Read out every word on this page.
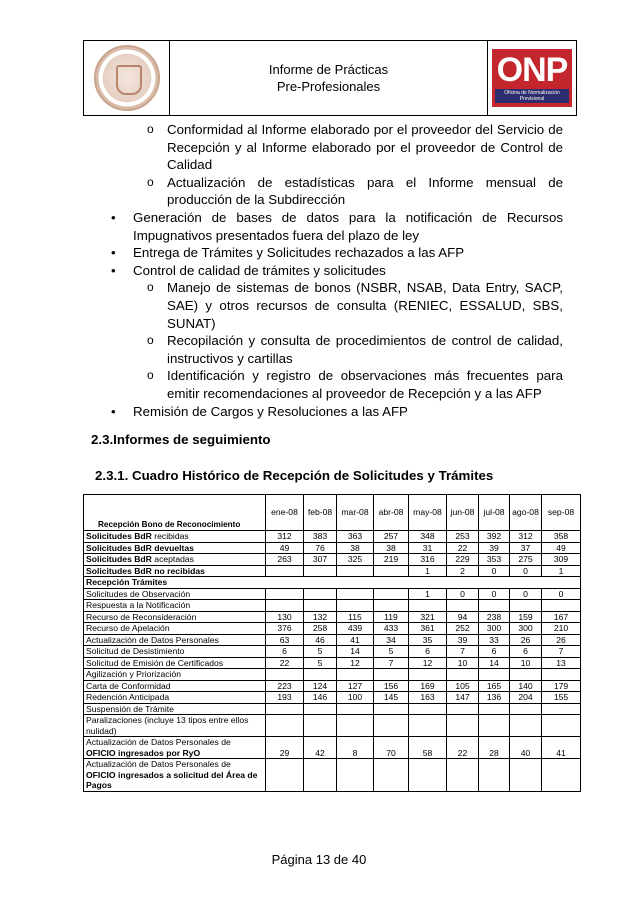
Informe de Prácticas
Pre-Profesionales	ONP
Oficina de Normalización Previsional
o Conformidad al Informe elaborado por el proveedor del Servicio de Recepción y al Informe elaborado por el proveedor de Control de Calidad
o Actualización de estadísticas para el Informe mensual de producción de la Subdirección
• Generación de bases de datos para la notificación de Recursos Impugnativos presentados fuera del plazo de ley
• Entrega de Trámites y Solicitudes rechazados a las AFP
• Control de calidad de trámites y solicitudes
o Manejo de sistemas de bonos (NSBR, NSAB, Data Entry, SACP, SAE) y otros recursos de consulta (RENIEC, ESSALUD, SBS, SUNAT)
o Recopilación y consulta de procedimientos de control de calidad, instructivos y cartillas
o Identificación y registro de observaciones más frecuentes para emitir recomendaciones al proveedor de Recepción y a las AFP
• Remisión de Cargos y Resoluciones a las AFP
2.3.Informes de seguimiento
2.3.1. Cuadro Histórico de Recepción de Solicitudes y Trámites
Recepción Bono de Reconocimiento	ene-08	feb-08	mar-08	abr-08	may-08	jun-08	jul-08	ago-08	sep-08
Solicitudes BdR recibidas	312	383	363	257	348	253	392	312	358
Solicitudes BdR devueltas	49	76	38	38	31	22	39	37	49
Solicitudes BdR aceptadas	263	307	325	219	316	229	353	275	309
Solicitudes BdR no recibidas					1	2	0	0	1
Recepción Trámites									
Solicitudes de Observación					1	0	0	0	0
Respuesta a la Notificación									
Recurso de Reconsideración	130	132	115	119	321	94	238	159	167
Recurso de Apelación	376	258	439	433	361	252	300	300	210
Actualización de Datos Personales	63	46	41	34	35	39	33	26	26
Solicitud de Desistimiento	6	5	14	5	6	7	6	6	7
Solicitud de Emisión de Certificados	22	5	12	7	12	10	14	10	13
Agilización y Priorización									
Carta de Conformidad	223	124	127	156	169	105	165	140	179
Redención Anticipada	193	146	100	145	163	147	136	204	155
Suspensión de Trámite									
Paralizaciones (incluye 13 tipos entre ellos nulidad)									
Actualización de Datos Personales de
OFICIO ingresados por RyO	29	42	8	70	58	22	28	40	41
Actualización de Datos Personales de
OFICIO ingresados a solicitud del Área de Pagos									
Página 13 de 40
